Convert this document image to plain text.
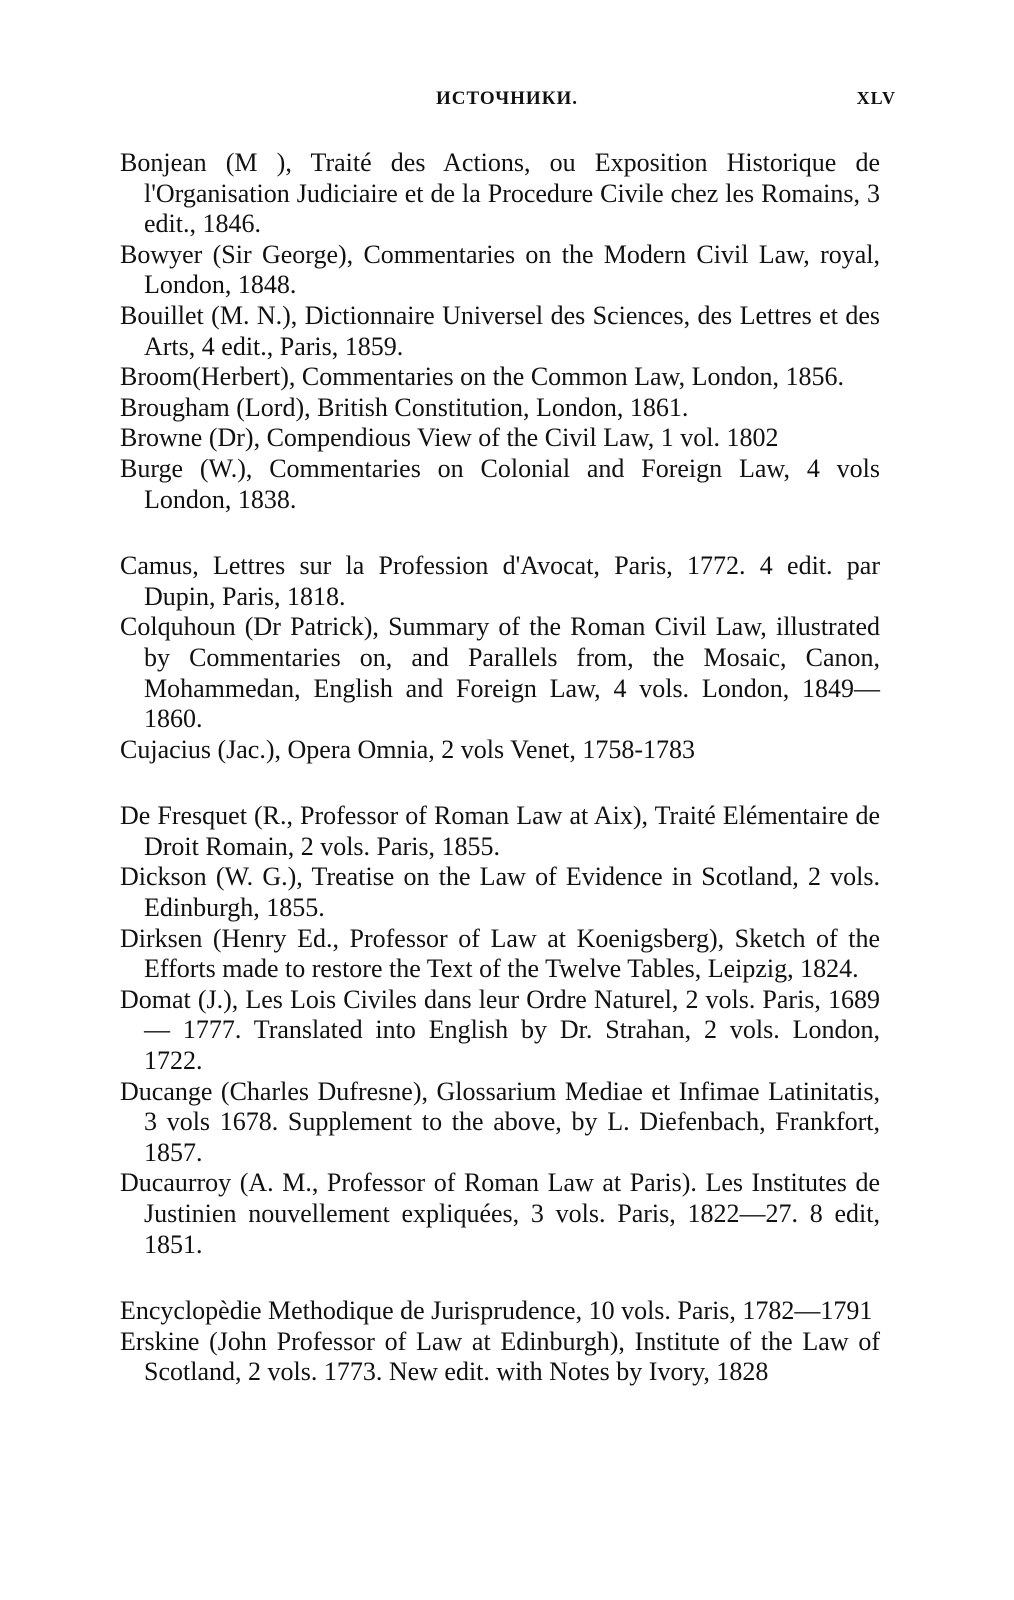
ИСТОЧНИКИ.	XLV

Bonjean (M ), Traité des Actions, ou Exposition Historique de l'Organisation Judiciaire et de la Procedure Civile chez les Romains, 3 edit., 1846.

Bowyer (Sir George), Commentaries on the Modern Civil Law, royal, London, 1848.

Bouillet (M. N.), Dictionnaire Universel des Sciences, des Lettres et des Arts, 4 edit., Paris, 1859.

Broom(Herbert), Commentaries on the Common Law, London, 1856.

Brougham (Lord), British Constitution, London, 1861.

Browne (Dr), Compendious View of the Civil Law, 1 vol. 1802

Burge (W.), Commentaries on Colonial and Foreign Law, 4 vols London, 1838.

Camus, Lettres sur la Profession d'Avocat, Paris, 1772. 4 edit. par Dupin, Paris, 1818.

Colquhoun (Dr Patrick), Summary of the Roman Civil Law, illustrated by Commentaries on, and Parallels from, the Mosaic, Canon, Mohammedan, English and Foreign Law, 4 vols. London, 1849—1860.

Cujacius (Jac.), Opera Omnia, 2 vols Venet, 1758-1783

De Fresquet (R., Professor of Roman Law at Aix), Traité Elémentaire de Droit Romain, 2 vols. Paris, 1855.

Dickson (W. G.), Treatise on the Law of Evidence in Scotland, 2 vols. Edinburgh, 1855.

Dirksen (Henry Ed., Professor of Law at Koenigsberg), Sketch of the Efforts made to restore the Text of the Twelve Tables, Leipzig, 1824.

Domat (J.), Les Lois Civiles dans leur Ordre Naturel, 2 vols. Paris, 1689 — 1777. Translated into English by Dr. Strahan, 2 vols. London, 1722.

Ducange (Charles Dufresne), Glossarium Mediae et Infimae Latinitatis, 3 vols 1678. Supplement to the above, by L. Diefenbach, Frankfort, 1857.

Ducaurroy (A. M., Professor of Roman Law at Paris). Les Institutes de Justinien nouvellement expliquées, 3 vols. Paris, 1822—27. 8 edit, 1851.

Encyclopèdie Methodique de Jurisprudence, 10 vols. Paris, 1782—1791

Erskine (John Professor of Law at Edinburgh), Institute of the Law of Scotland, 2 vols. 1773. New edit. with Notes by Ivory, 1828
